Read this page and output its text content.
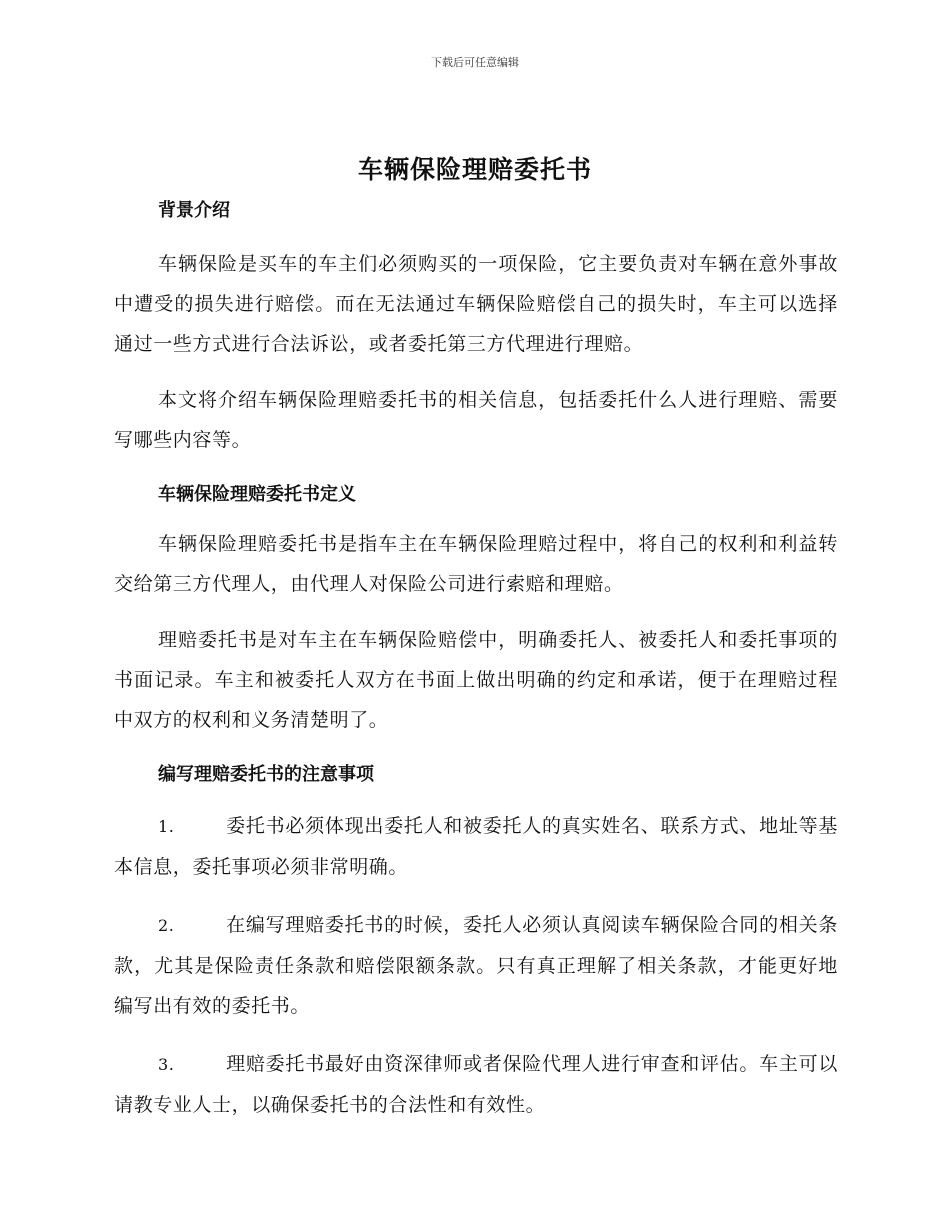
下载后可任意编辑
车辆保险理赔委托书
背景介绍

车辆保险是买车的车主们必须购买的一项保险，它主要负责对车辆在意外事故中遭受的损失进行赔偿。而在无法通过车辆保险赔偿自己的损失时，车主可以选择通过一些方式进行合法诉讼，或者委托第三方代理进行理赔。

本文将介绍车辆保险理赔委托书的相关信息，包括委托什么人进行理赔、需要写哪些内容等。

车辆保险理赔委托书定义

车辆保险理赔委托书是指车主在车辆保险理赔过程中，将自己的权利和利益转交给第三方代理人，由代理人对保险公司进行索赔和理赔。

理赔委托书是对车主在车辆保险赔偿中，明确委托人、被委托人和委托事项的书面记录。车主和被委托人双方在书面上做出明确的约定和承诺，便于在理赔过程中双方的权利和义务清楚明了。

编写理赔委托书的注意事项

1.	委托书必须体现出委托人和被委托人的真实姓名、联系方式、地址等基本信息，委托事项必须非常明确。

2.	在编写理赔委托书的时候，委托人必须认真阅读车辆保险合同的相关条款，尤其是保险责任条款和赔偿限额条款。只有真正理解了相关条款，才能更好地编写出有效的委托书。

3.	理赔委托书最好由资深律师或者保险代理人进行审查和评估。车主可以请教专业人士，以确保委托书的合法性和有效性。
